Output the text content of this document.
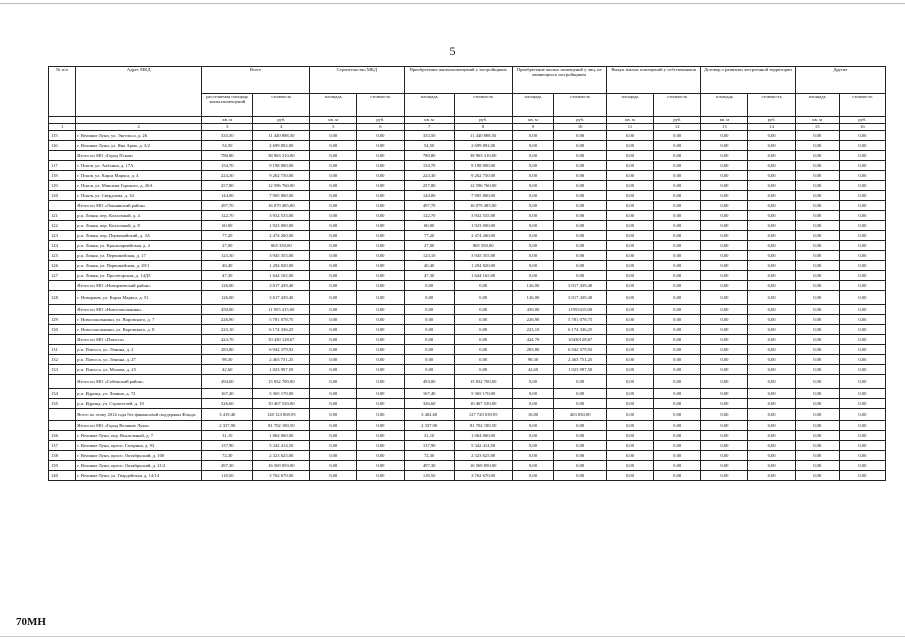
5
№ п/п	Адрес МКД	Всего		Строительство МКД		Приобретение жилыхпомещений у застройщиков		Приобретение жилых помещений у лиц, не являющихся застройщиком		Выкуп жилых помещений у собственников		Договор о развитии застроенной территории		Другие	
		расселяемая площадь жилыхпомещений	стоимость	площадь	стоимость	площадь	стоимость	площадь	стоимость	площадь	стоимость	площадь	стоимость	площадь	стоимость
		кв. м	руб.	кв. м	руб.	кв. м	руб.	кв. м	руб.	кв. м	руб.	кв. м	руб.	кв. м	руб.
1	2	3	4	5	6	7	8	9	10	11	12	13	14	15	16
115	г. Великие Луки, ул. Энгельса, д. 26	333,50	11 440 888,50	0,00	0,00	333,50	11 440 888,50	0,00	0,00	0,00	0,00	0,00	0,00	0,00	0,00
116	г. Великие Луки, ул. Яна Армо, д. 3/2	54,50	2 699 892,00	0,00	0,00	54,50	2 699 892,00	0,00	0,00	0,00	0,00	0,00	0,00	0,00	0,00
	Итого по МО «Город Псков»	780,80	38 963 310,00	0,00	0,00	780,80	38 963 310,00	0,00	0,00	0,00	0,00	0,00	0,00	0,00	0,00
117	г. Псков, ул. Алёхина, д. 17А	154,70	9 198 000,00	0,00	0,00	154,70	9 198 000,00	0,00	0,00	0,00	0,00	0,00	0,00	0,00	0,00
118	г. Псков, ул. Карла Маркса, д. 4	224,30	9 262 750,00	0,00	0,00	224,30	9 262 750,00	0,00	0,00	0,00	0,00	0,00	0,00	0,00	0,00
119	г. Псков, ул. Максима Горького, д. 26А	257,80	12 596 760,00	0,00	0,00	257,80	12 596 760,00	0,00	0,00	0,00	0,00	0,00	0,00	0,00	0,00
120	г. Псков, ул. Свердлова, д. 34	144,00	7 905 800,00	0,00	0,00	144,00	7 905 800,00	0,00	0,00	0,00	0,00	0,00	0,00	0,00	0,00
	Итого по МО «Локнянский район»	497,70	16 079 485,00	0,00	0,00	497,70	16 079 485,00	0,00	0,00	0,00	0,00	0,00	0,00	0,00	0,00
121	р.п. Локня, пер. Колхозный, д. 4	122,70	3 932 535,00	0,00	0,00	122,70	3 932 535,00	0,00	0,00	0,00	0,00	0,00	0,00	0,00	0,00
122	р.п. Локня, пер. Колхозный, д. 8	60,00	1 923 000,00	0,00	0,00	60,00	1 923 000,00	0,00	0,00	0,00	0,00	0,00	0,00	0,00	0,00
123	р.п. Локня, пер. Первомайский, д. 3А	77,20	2 474 260,00	0,00	0,00	77,20	2 474 260,00	0,00	0,00	0,00	0,00	0,00	0,00	0,00	0,00
124	р.п. Локня, ул. Красноармейская, д. 2	27,00	865 350,00	0,00	0,00	27,00	865 350,00	0,00	0,00	0,00	0,00	0,00	0,00	0,00	0,00
125	р.п. Локня, ул. Первомайская, д. 17	123,30	3 945 355,00	0,00	0,00	123,10	3 945 355,00	0,00	0,00	0,00	0,00	0,00	0,00	0,00	0,00
126	р.п. Локня, ул. Первомайская, д. 29/1	40,40	1 294 820,00	0,00	0,00	40,40	1 294 820,00	0,00	0,00	0,00	0,00	0,00	0,00	0,00	0,00
127	р.п. Локня, ул. Пролетарская, д. 14Д3	47,30	1 644 165,00	0,00	0,00	47,30	1 644 165,00	0,00	0,00	0,00	0,00	0,00	0,00	0,00	0,00
	Итого по МО «Новоржевский район»	126,00	3 017 439,40	0,00	0,00	0,00	0,00	126,00	3 017 439,40	0,00	0,00	0,00	0,00	0,00	0,00
128	г. Новоржев, ул. Карла Маркса, д. 51	126,00	3 017 439,40	0,00	0,00	0,00	0,00	126,00	3 017 439,40	0,00	0,00	0,00	0,00	0,00	0,00
	Итого по МО «Новосокольники»	450,00	11 955 415,00	0,00	0,00	0,00	0,00	450,00	11955415,00	0,00	0,00	0,00	0,00	0,00	0,00
129	г. Новосокольники, ул. Воровского, д. 7	226,90	5 781 078,75	0,00	0,00	0,00	0,00	226,90	5 781 078,75	0,00	0,00	0,00	0,00	0,00	0,00
130	г. Новосокольники, ул. Воровского, д. 8	223,10	6 174 336,25	0,00	0,00	0,00	0,00	223,10	6 174 336,25	0,00	0,00	0,00	0,00	0,00	0,00
	Итого по МО «Плюсса»	424,70	10 430 128,67	0,00	0,00	0,00	0,00	424,70	10430128,67	0,00	0,00	0,00	0,00	0,00	0,00
131	р.п. Плюсса, ул. Ленина, д. 2	283,80	6 942 379,92	0,00	0,00	0,00	0,00	283,80	6 942 379,92	0,00	0,00	0,00	0,00	0,00	0,00
132	р.п. Плюсса, ул. Ленина, д. 27	98,30	2 463 751,25	0,00	0,00	0,00	0,00	98,30	2 463 751,25	0,00	0,00	0,00	0,00	0,00	0,00
133	р.п. Плюсса, ул. Мохова, д. 25	42,60	1 023 997,50	0,00	0,00	0,00	0,00	42,60	1 023 997,50	0,00	0,00	0,00	0,00	0,00	0,00
	Итого по МО «Себежский район»	494,00	15 832 700,00	0,00	0,00	494,00	15 832 700,00	0,00	0,00	0,00	0,00	0,00	0,00	0,00	0,00
134	р.п. Идрица, ул. Ленина, д. 72	167,40	5 365 170,00	0,00	0,00	167,40	5 365 170,00	0,00	0,00	0,00	0,00	0,00	0,00	0,00	0,00
135	р.п. Идрица, ул. Строителей, д. 10	326,60	10 467 530,00	0,00	0,00	326,60	10 467 530,00	0,00	0,00	0,00	0,00	0,00	0,00	0,00	0,00
	Всего по этапу 2014 года без финансовой поддержки Фонда:	3 419,40	128 123 869,95	0,00	0,00	3 402,60	127 720 039,95	16,80	403 830,00	0,00	0,00	0,00	0,00	0,00	0,00
	Итого по МО «Город Великие Луки»	2 337,90	81 702 180,50	0,00	0,00	2 337,90	81 702 180,50	0,00	0,00	0,00	0,00	0,00	0,00	0,00	0,00
136	г. Великие Луки, пер. Вокзальный, д. 7	31,10	1 064 060,00	0,00	0,00	31,10	1 064 060,00	0,00	0,00	0,00	0,00	0,00	0,00	0,00	0,00
137	г. Великие Луки, просп. Гагарина, д. 93	137,90	5 342 414,50	0,00	0,00	137,90	5 342 414,50	0,00	0,00	0,00	0,00	0,00	0,00	0,00	0,00
138	г. Великие Луки, просп. Октябрьский, д. 100	72,30	2 323 625,00	0,00	0,00	72,30	2 323 625,00	0,00	0,00	0,00	0,00	0,00	0,00	0,00	0,00
139	г. Великие Луки, просп. Октябрьский, д. 21/2	497,30	16 569 850,00	0,00	0,00	497,30	16 569 850,00	0,00	0,00	0,00	0,00	0,00	0,00	0,00	0,00
140	г. Великие Луки, ул. Гвардейская, д. 14/14	118,50	3 762 670,00	0,00	0,00	118,50	3 762 670,00	0,00	0,00	0,00	0,00	0,00	0,00	0,00	0,00
70MH
